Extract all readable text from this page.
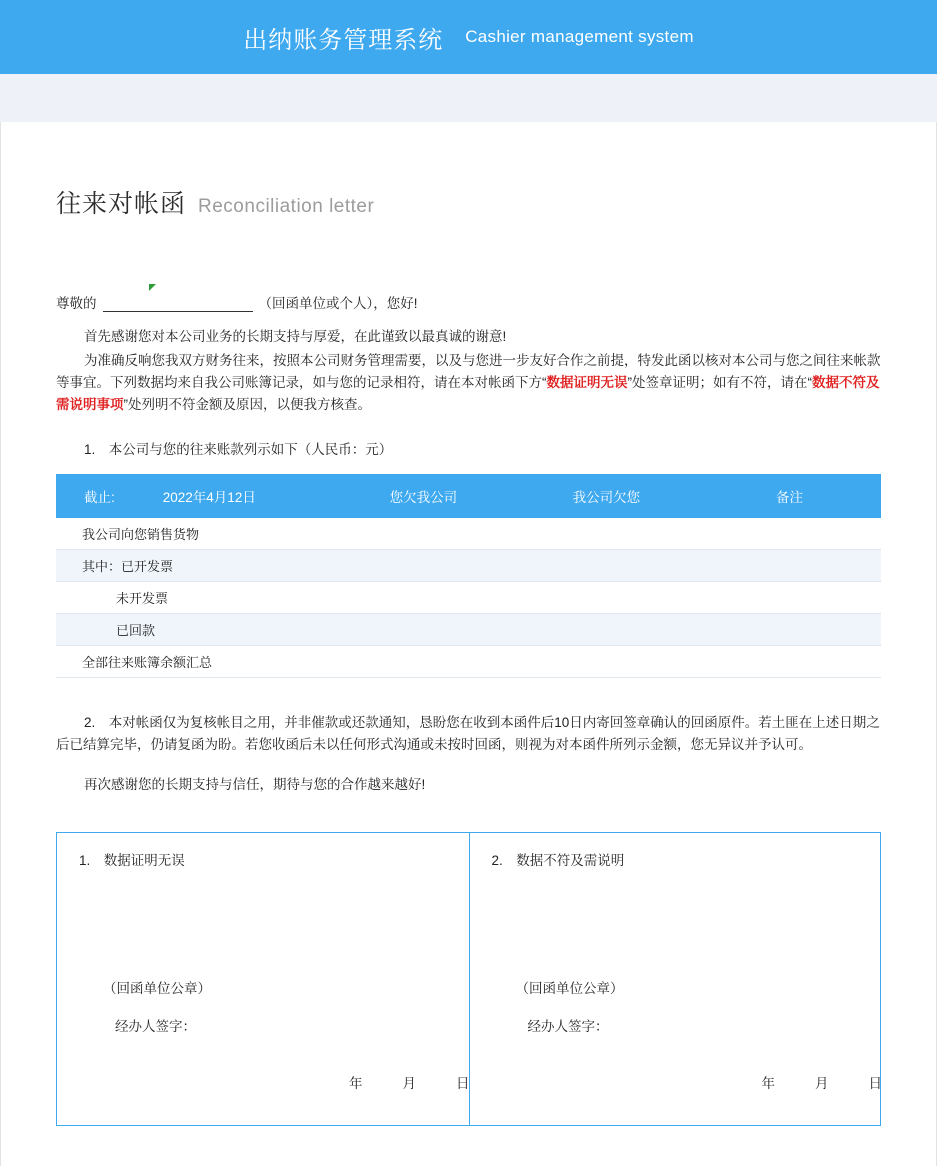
出纳账务管理系统 Cashier management system
往来对帐函 Reconciliation letter
尊敬的	（回函单位或个人），您好!

首先感谢您对本公司业务的长期支持与厚爱，在此谨致以最真诚的谢意!

为准确反响您我双方财务往来，按照本公司财务管理需要，以及与您进一步友好合作之前提，特发此函以核对本公司与您之间往来帐款等事宜。下列数据均来自我公司账簿记录，如与您的记录相符，请在本对帐函下方“数据证明无误”处签章证明；如有不符，请在“数据不符及需说明事项”处列明不符金额及原因，以便我方核查。

1.　本公司与您的往来账款列示如下（人民币：元）
截止: 2022年4月12日	您欠我公司	我公司欠您	备注
我公司向您销售货物			
其中：已开发票			
未开发票			
已回款			
全部往来账簿余额汇总			

2.　本对帐函仅为复核帐目之用，并非催款或还款通知，恳盼您在收到本函件后10日内寄回签章确认的回函原件。若土匪在上述日期之后已结算完毕，仍请复函为盼。若您收函后未以任何形式沟通或未按时回函，则视为对本函件所列示金额，您无异议并予认可。

再次感谢您的长期支持与信任，期待与您的合作越来越好!

1.　数据证明无误
（回函单位公章）
经办人签字：

年	月	日

2.　数据不符及需说明
（回函单位公章）
经办人签字：

年	月	日
